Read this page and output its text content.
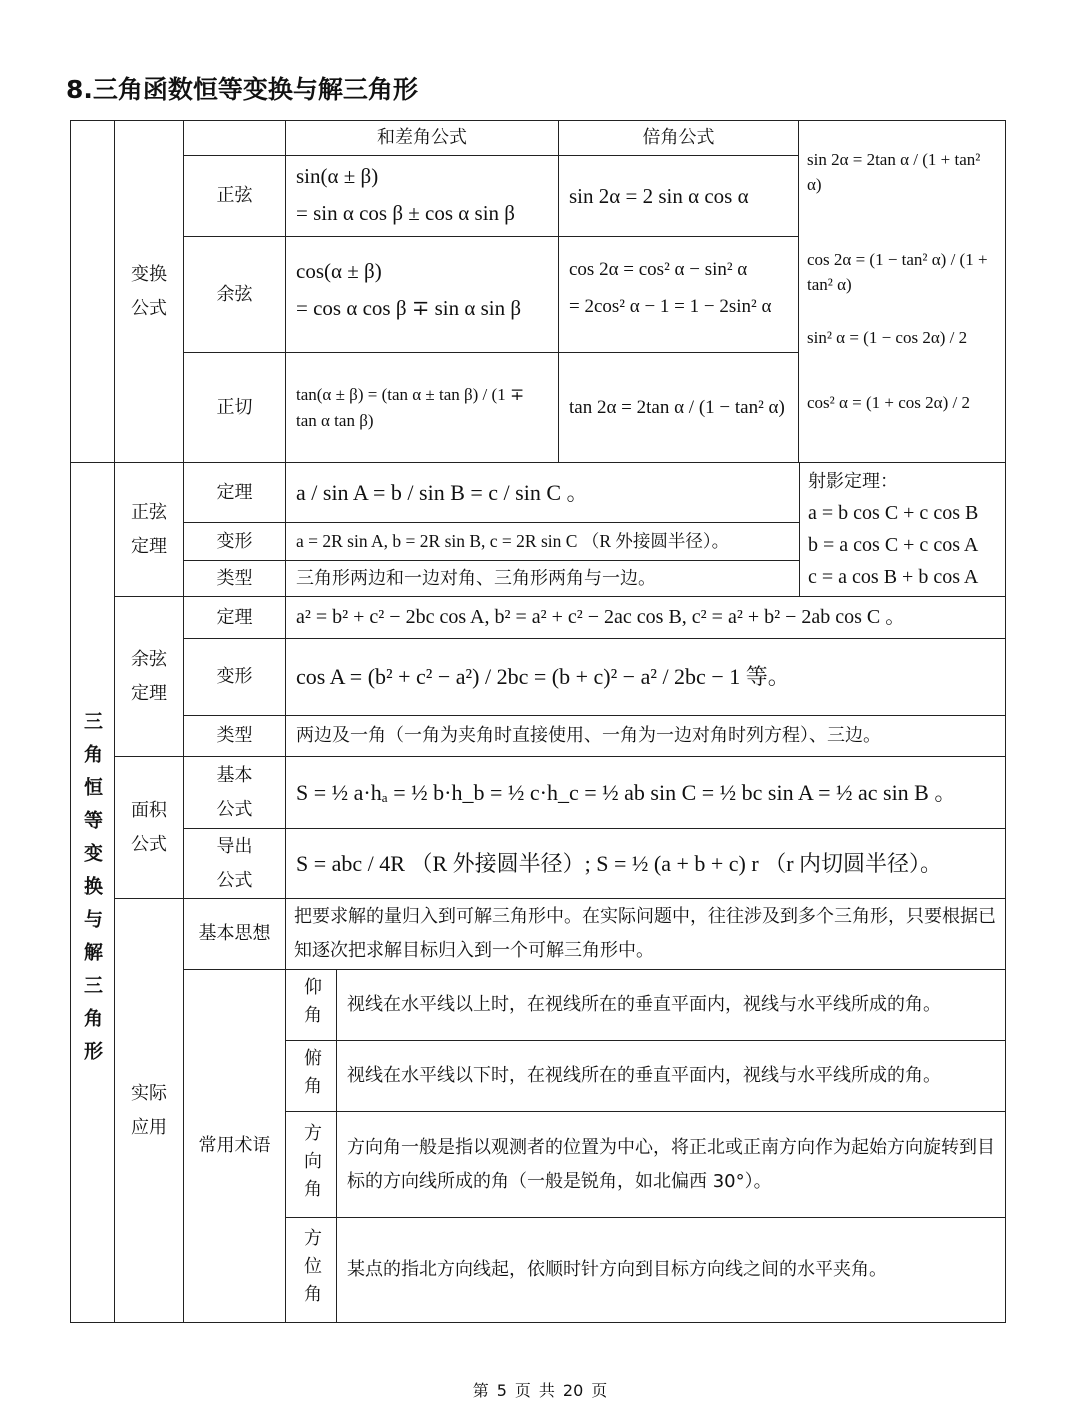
8.三角函数恒等变换与解三角形
变换公式
和差角公式	倍角公式
正弦
sin(α ± β)
= sin α cos β ± cos α sin β
sin 2α = 2 sin α cos α
余弦
cos(α ± β)
= cos α cos β ∓ sin α sin β
cos 2α = cos² α − sin² α
= 2cos² α − 1 = 1 − 2sin² α
正切
tan(α ± β) = (tan α ± tan β) / (1 ∓ tan α tan β)
tan 2α = 2tan α / (1 − tan² α)
sin 2α = 2tan α / (1 + tan² α)
cos 2α = (1 − tan² α) / (1 + tan² α)
sin² α = (1 − cos 2α) / 2
cos² α = (1 + cos 2α) / 2
三角恒等变换与解三角形
正弦定理
定理 a / sin A = b / sin B = c / sin C 。
变形 a = 2R sin A, b = 2R sin B, c = 2R sin C （R 外接圆半径）。
类型 三角形两边和一边对角、三角形两角与一边。
射影定理：
a = b cos C + c cos B
b = a cos C + c cos A
c = a cos B + b cos A
余弦定理
定理 a² = b² + c² − 2bc cos A, b² = a² + c² − 2ac cos B, c² = a² + b² − 2ab cos C 。
变形 cos A = (b² + c² − a²) / 2bc = (b + c)² − a² / 2bc − 1 等。
类型 两边及一角（一角为夹角时直接使用、一角为一边对角时列方程）、三边。
面积公式
基本公式
S = ½ a·hₐ = ½ b·h_b = ½ c·h_c = ½ ab sin C = ½ bc sin A = ½ ac sin B 。
导出公式
S = abc / 4R （R 外接圆半径）; S = ½ (a + b + c) r （r 内切圆半径）。
实际应用
基本思想
把要求解的量归入到可解三角形中。在实际问题中，往往涉及到多个三角形，只要根据已知逐次把求解目标归入到一个可解三角形中。
常用术语
仰角 视线在水平线以上时，在视线所在的垂直平面内，视线与水平线所成的角。
俯角 视线在水平线以下时，在视线所在的垂直平面内，视线与水平线所成的角。
方向角 方向角一般是指以观测者的位置为中心，将正北或正南方向作为起始方向旋转到目标的方向线所成的角（一般是锐角，如北偏西 30°）。
方位角 某点的指北方向线起，依顺时针方向到目标方向线之间的水平夹角。
第 5 页 共 20 页
